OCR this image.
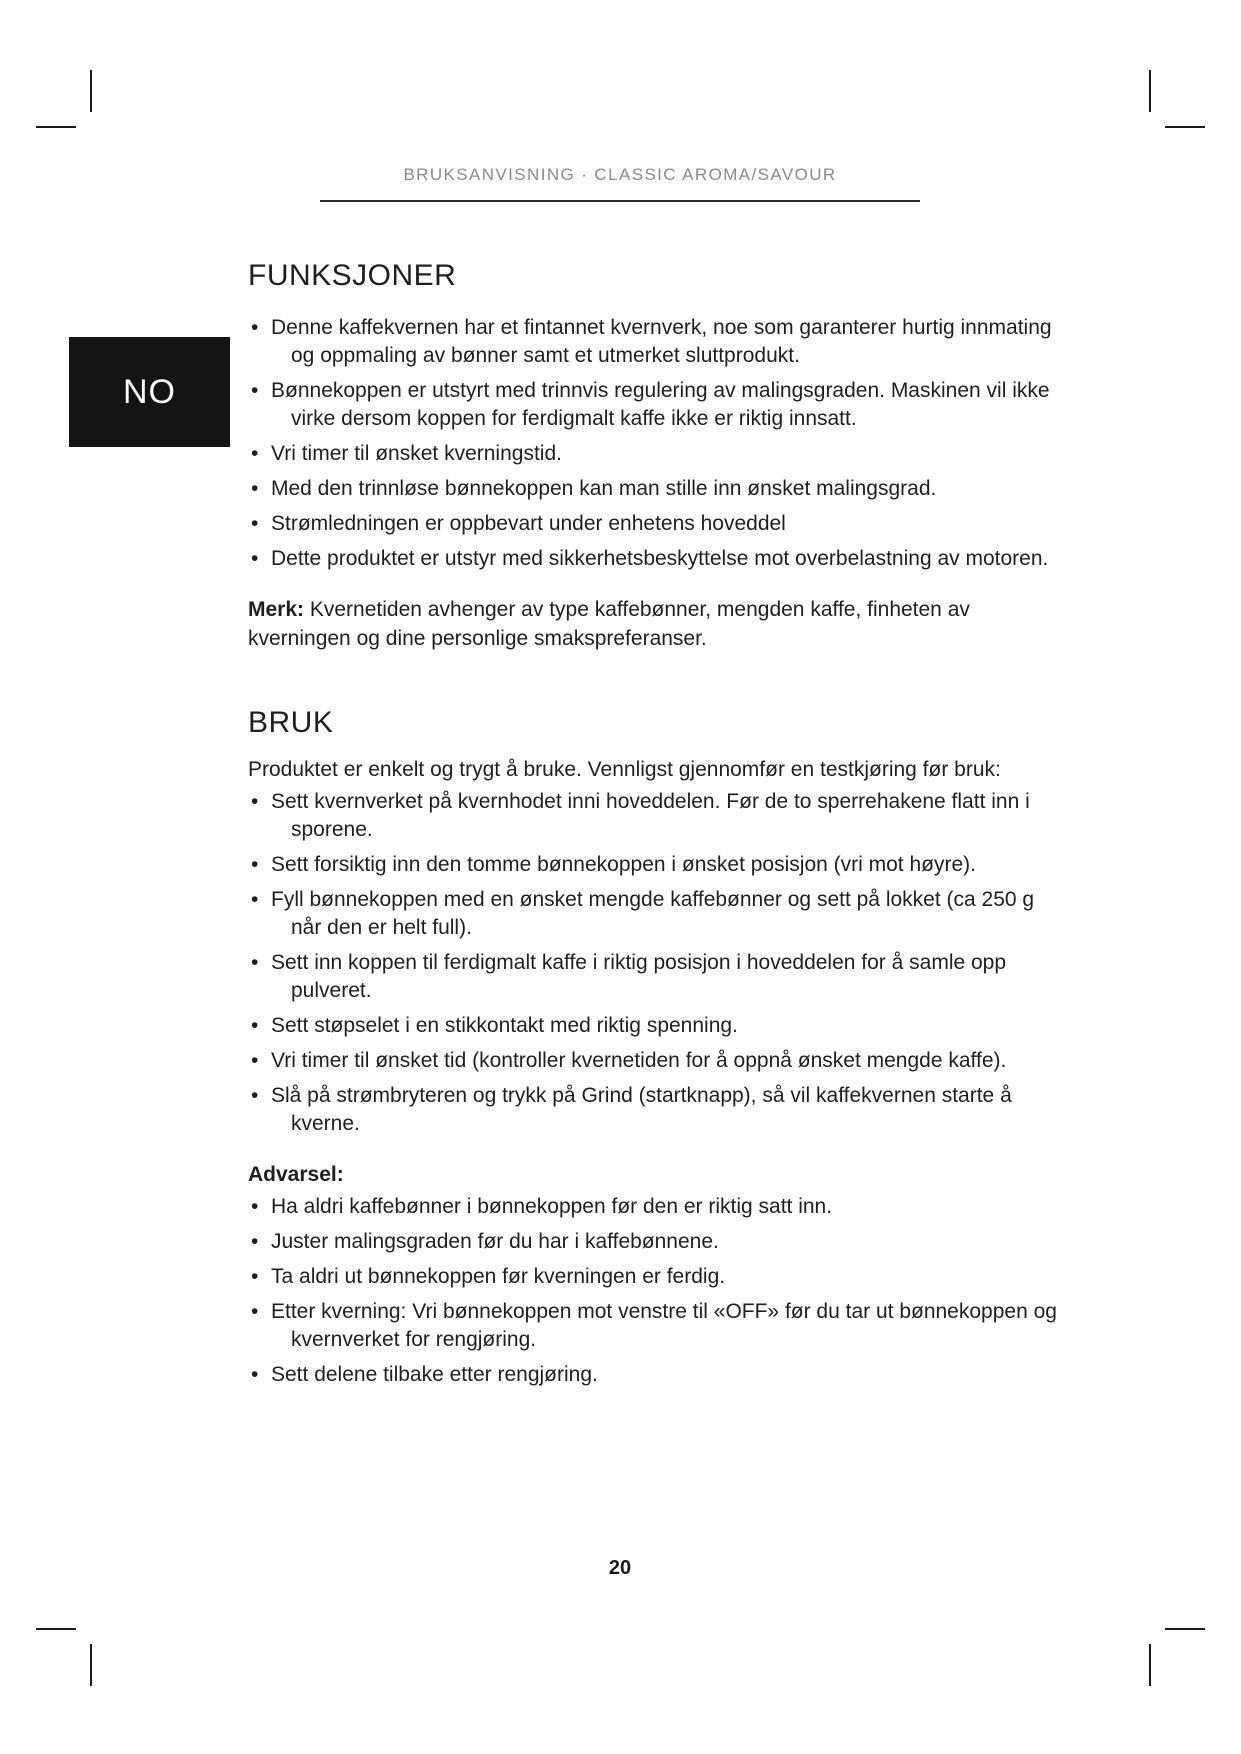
BRUKSANVISNING · CLASSIC AROMA/SAVOUR
NO
FUNKSJONER
• Denne kaffekvernen har et fintannet kvernverk, noe som garanterer hurtig innmating og oppmaling av bønner samt et utmerket sluttprodukt.
• Bønnekoppen er utstyrt med trinnvis regulering av malingsgraden. Maskinen vil ikke virke dersom koppen for ferdigmalt kaffe ikke er riktig innsatt.
• Vri timer til ønsket kverningstid.
• Med den trinnløse bønnekoppen kan man stille inn ønsket malingsgrad.
• Strømledningen er oppbevart under enhetens hoveddel
• Dette produktet er utstyr med sikkerhetsbeskyttelse mot overbelastning av motoren.

Merk: Kvernetiden avhenger av type kaffebønner, mengden kaffe, finheten av kverningen og dine personlige smakspreferanser.

BRUK

Produktet er enkelt og trygt å bruke. Vennligst gjennomfør en testkjøring før bruk:

• Sett kvernverket på kvernhodet inni hoveddelen. Før de to sperrehakene flatt inn i sporene.
• Sett forsiktig inn den tomme bønnekoppen i ønsket posisjon (vri mot høyre).
• Fyll bønnekoppen med en ønsket mengde kaffebønner og sett på lokket (ca 250 g når den er helt full).
• Sett inn koppen til ferdigmalt kaffe i riktig posisjon i hoveddelen for å samle opp pulveret.
• Sett støpselet i en stikkontakt med riktig spenning.
• Vri timer til ønsket tid (kontroller kvernetiden for å oppnå ønsket mengde kaffe).
• Slå på strømbryteren og trykk på Grind (startknapp), så vil kaffekvernen starte å kverne.

Advarsel:

• Ha aldri kaffebønner i bønnekoppen før den er riktig satt inn.
• Juster malingsgraden før du har i kaffebønnene.
• Ta aldri ut bønnekoppen før kverningen er ferdig.
• Etter kverning: Vri bønnekoppen mot venstre til «OFF» før du tar ut bønnekoppen og kvernverket for rengjøring.
• Sett delene tilbake etter rengjøring.
20
